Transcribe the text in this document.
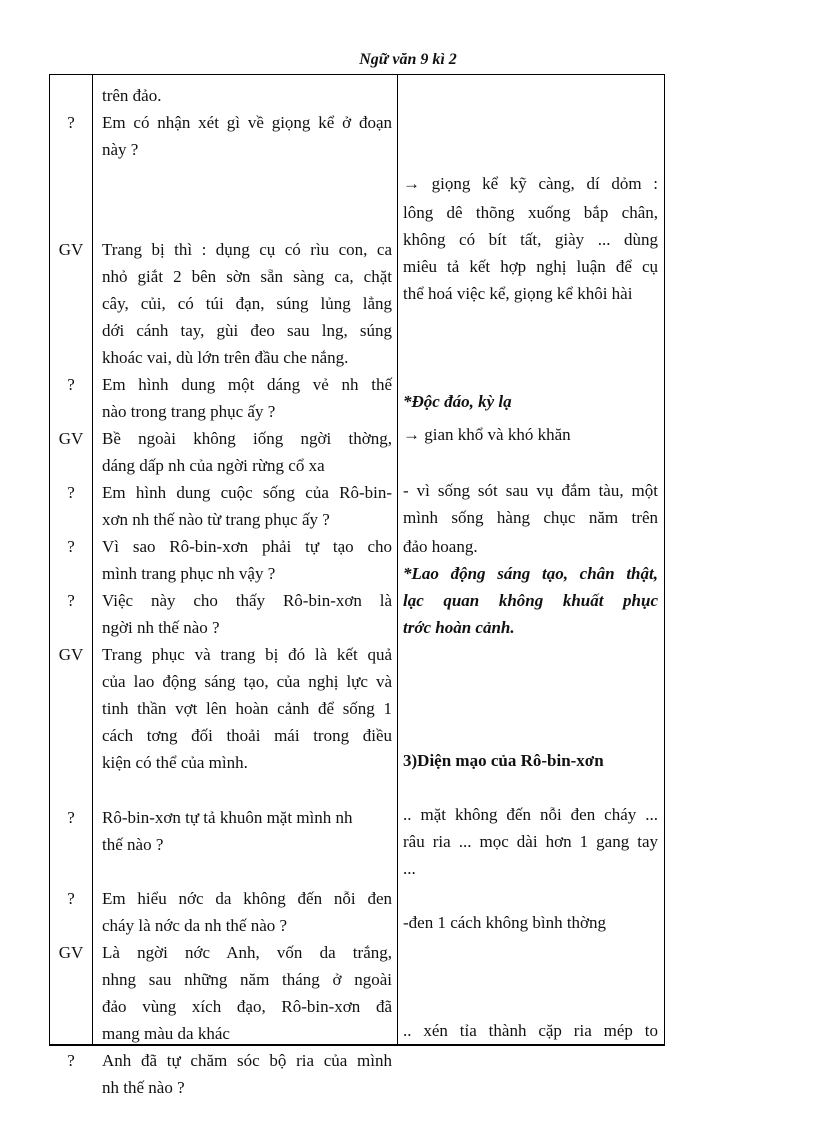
Ngữ văn 9 kì 2
?
GV
?
GV
?
?
?
GV
?
?
GV
?
trên đảo.
Em có nhận xét gì về giọng kể ở đoạn
này ?
Trang bị thì : dụng cụ có rìu con, ca
nhỏ giắt 2 bên sờn sẵn sàng ca, chặt
cây, củi, có túi đạn, súng lủng lẳng
dới cánh tay, gùi đeo sau lng, súng
khoác vai, dù lớn trên đầu che nắng.
Em hình dung một dáng vẻ nh thế
nào trong trang phục ấy ?
Bề ngoài không iống ngời thờng,
dáng dấp nh của ngời rừng cổ xa
Em hình dung cuộc sống của Rô-bin-
xơn nh thế nào từ trang phục ấy ?
Vì sao Rô-bin-xơn phải tự tạo cho
mình trang phục nh vậy ?
Việc này cho thấy Rô-bin-xơn là
ngời nh thế nào ?
Trang phục và trang bị đó là kết quả
của lao động sáng tạo, của nghị lực và
tinh thần vợt lên hoàn cảnh để sống 1
cách tơng đối thoải mái trong điều
kiện có thể của mình.
Rô-bin-xơn tự tả khuôn mặt mình nh
thế nào ?
Em hiểu nớc da không đến nỗi đen
cháy là nớc da nh thế nào ?
Là ngời nớc Anh, vốn da trắng,
nhng sau những năm tháng ở ngoài
đảo vùng xích đạo, Rô-bin-xơn đã
mang màu da khác
Anh đã tự chăm sóc bộ ria của mình
nh thế nào ?
→ giọng kể kỹ càng, dí dỏm :
lông dê thõng xuống bắp chân,
không có bít tất, giày ... dùng
miêu tả kết hợp nghị luận để cụ
thể hoá việc kể, giọng kể khôi hài
*Độc đáo, kỳ lạ
→ gian khổ và khó khăn
- vì sống sót sau vụ đắm tàu, một
mình sống hàng chục năm trên
đảo hoang.
*Lao động sáng tạo, chân thật,
lạc quan không khuất phục
trớc hoàn cảnh.
3)Diện mạo của Rô-bin-xơn
.. mặt không đến nỗi đen cháy ...
râu ria ... mọc dài hơn 1 gang tay
...
-đen 1 cách không bình thờng
.. xén tỉa thành cặp ria mép to
